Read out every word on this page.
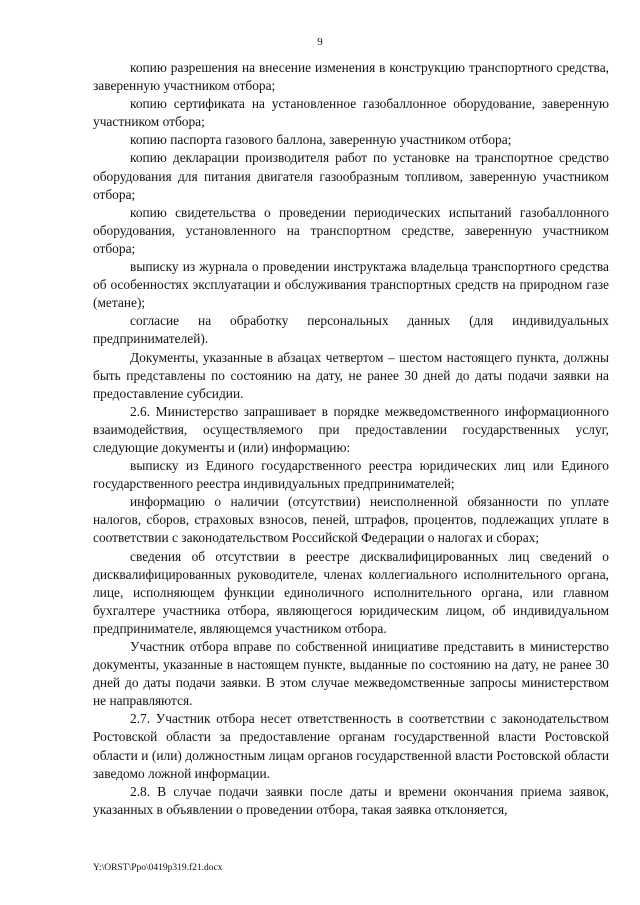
9

копию разрешения на внесение изменения в конструкцию транспортного средства, заверенную участником отбора;

копию сертификата на установленное газобаллонное оборудование, заверенную участником отбора;

копию паспорта газового баллона, заверенную участником отбора;

копию декларации производителя работ по установке на транспортное средство оборудования для питания двигателя газообразным топливом, заверенную участником отбора;

копию свидетельства о проведении периодических испытаний газобаллонного оборудования, установленного на транспортном средстве, заверенную участником отбора;

выписку из журнала о проведении инструктажа владельца транспортного средства об особенностях эксплуатации и обслуживания транспортных средств на природном газе (метане);

согласие на обработку персональных данных (для индивидуальных предпринимателей).

Документы, указанные в абзацах четвертом – шестом настоящего пункта, должны быть представлены по состоянию на дату, не ранее 30 дней до даты подачи заявки на предоставление субсидии.

2.6. Министерство запрашивает в порядке межведомственного информационного взаимодействия, осуществляемого при предоставлении государственных услуг, следующие документы и (или) информацию:

выписку из Единого государственного реестра юридических лиц или Единого государственного реестра индивидуальных предпринимателей;

информацию о наличии (отсутствии) неисполненной обязанности по уплате налогов, сборов, страховых взносов, пеней, штрафов, процентов, подлежащих уплате в соответствии с законодательством Российской Федерации о налогах и сборах;

сведения об отсутствии в реестре дисквалифицированных лиц сведений о дисквалифицированных руководителе, членах коллегиального исполнительного органа, лице, исполняющем функции единоличного исполнительного органа, или главном бухгалтере участника отбора, являющегося юридическим лицом, об индивидуальном предпринимателе, являющемся участником отбора.

Участник отбора вправе по собственной инициативе представить в министерство документы, указанные в настоящем пункте, выданные по состоянию на дату, не ранее 30 дней до даты подачи заявки. В этом случае межведомственные запросы министерством не направляются.

2.7. Участник отбора несет ответственность в соответствии с законодательством Ростовской области за предоставление органам государственной власти Ростовской области и (или) должностным лицам органов государственной власти Ростовской области заведомо ложной информации.

2.8. В случае подачи заявки после даты и времени окончания приема заявок, указанных в объявлении о проведении отбора, такая заявка отклоняется,

Y:\ORST\Ppo\0419p319.f21.docx
